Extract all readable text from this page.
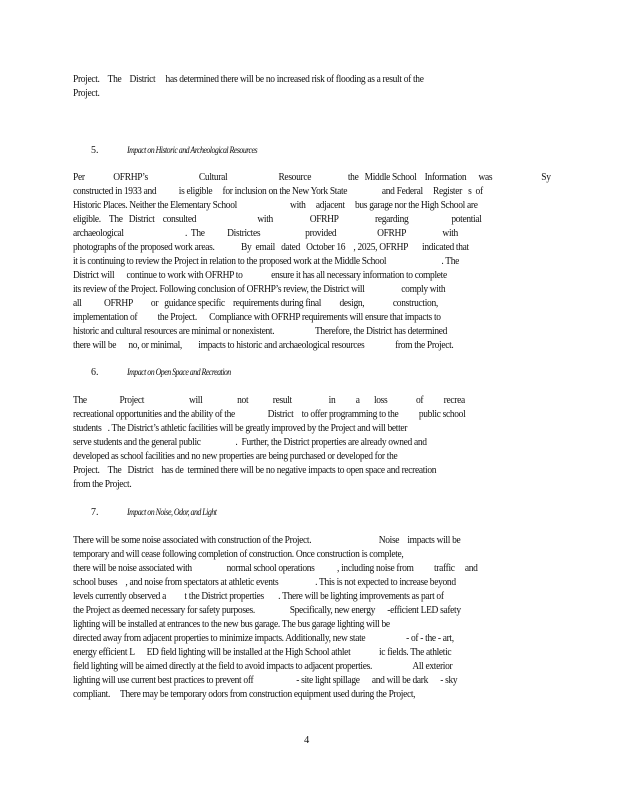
Project.    The    District     has determined there will be no increased risk of flooding as a result of the
Project.
5.	Impact on Historic and Archeological Resources
Per              OFRHP’s                         Cultural                         Resource                  the   Middle School    Information      was                        Sy
constructed in 1933 and           is eligible     for inclusion on the New York State                 and Federal     Register   s  of
Historic Places. Neither the Elementary School                          with     adjacent     bus garage nor the High School are
eligible.    The   District    consulted                              with                  OFRHP                  regarding                     potential
archaeological                              .  The           Districtes                      provided                    OFRHP                  with
photographs of the proposed work areas.             By  email   dated   October 16    , 2025, OFRHP       indicated that
it is continuing to review the Project in relation to the proposed work at the Middle School                           . The
District will      continue to work with OFRHP to              ensure it has all necessary information to complete
its review of the Project. Following conclusion of OFRHP’s review, the District will                  comply with
all           OFRHP         or   guidance specific    requirements during final         design,              construction,
implementation of          the Project.      Compliance with OFRHP requirements will ensure that impacts to
historic and cultural resources are minimal or nonexistent.                    Therefore, the District has determined
there will be      no, or minimal,        impacts to historic and archaeological resources               from the Project.
6.	Impact on Open Space and Recreation
The                Project                      will                 not            result                  in          a       loss              of          recrea
recreational opportunities and the ability of the                District    to offer programming to the          public school
students   . The District’s athletic facilities will be greatly improved by the Project and will better
serve students and the general public                 .  Further, the District properties are already owned and
developed as school facilities and no new properties are being purchased or developed for the
Project.    The   District    has de  termined there will be no negative impacts to open space and recreation
from the Project.
7.	Impact on Noise, Odor, and Light
There will be some noise associated with construction of the Project.                                 Noise    impacts will be
temporary and will cease following completion of construction. Once construction is complete,
there will be noise associated with                 normal school operations           , including noise from          traffic     and
school buses    , and noise from spectators at athletic events                  . This is not expected to increase beyond
levels currently observed a         t the District properties       . There will be lighting improvements as part of
the Project as deemed necessary for safety purposes.                 Specifically, new energy      -efficient LED safety
lighting will be installed at entrances to the new bus garage. The bus garage lighting will be
directed away from adjacent properties to minimize impacts. Additionally, new state                    - of - the - art,
energy efficient L      ED field lighting will be installed at the High School athlet              ic fields. The athletic
field lighting will be aimed directly at the field to avoid impacts to adjacent properties.                    All exterior
lighting will use current best practices to prevent off                     - site light spillage      and will be dark      - sky
compliant.     There may be temporary odors from construction equipment used during the Project,
4
